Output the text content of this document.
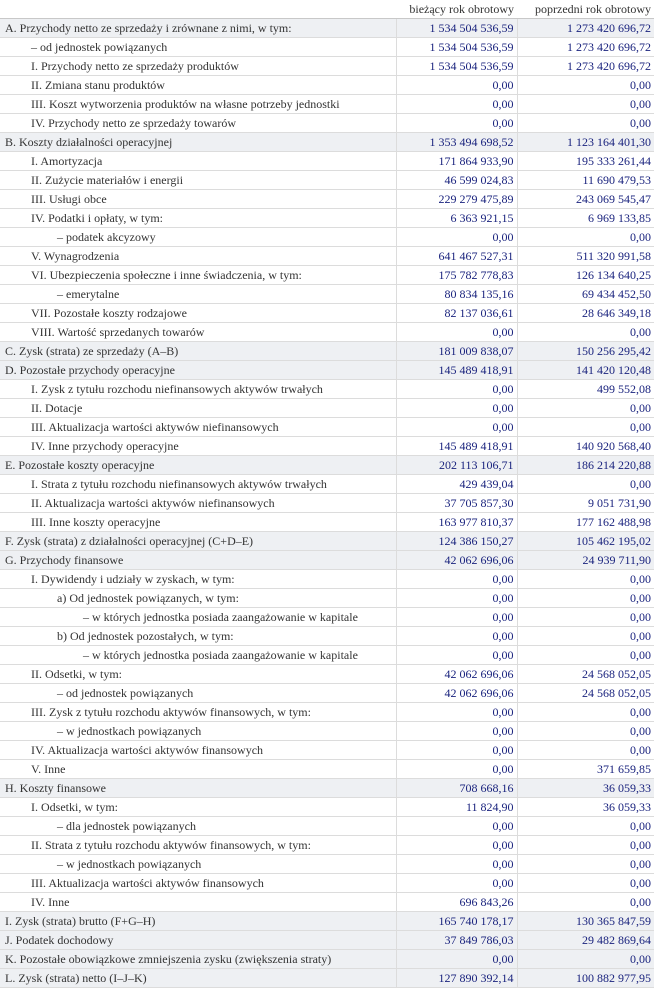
	bieżący rok obrotowy	poprzedni rok obrotowy
A. Przychody netto ze sprzedaży i zrównane z nimi, w tym:	1 534 504 536,59	1 273 420 696,72
– od jednostek powiązanych	1 534 504 536,59	1 273 420 696,72
I. Przychody netto ze sprzedaży produktów	1 534 504 536,59	1 273 420 696,72
II. Zmiana stanu produktów	0,00	0,00
III. Koszt wytworzenia produktów na własne potrzeby jednostki	0,00	0,00
IV. Przychody netto ze sprzedaży towarów	0,00	0,00
B. Koszty działalności operacyjnej	1 353 494 698,52	1 123 164 401,30
I. Amortyzacja	171 864 933,90	195 333 261,44
II. Zużycie materiałów i energii	46 599 024,83	11 690 479,53
III. Usługi obce	229 279 475,89	243 069 545,47
IV. Podatki i opłaty, w tym:	6 363 921,15	6 969 133,85
– podatek akcyzowy	0,00	0,00
V. Wynagrodzenia	641 467 527,31	511 320 991,58
VI. Ubezpieczenia społeczne i inne świadczenia, w tym:	175 782 778,83	126 134 640,25
– emerytalne	80 834 135,16	69 434 452,50
VII. Pozostałe koszty rodzajowe	82 137 036,61	28 646 349,18
VIII. Wartość sprzedanych towarów	0,00	0,00
C. Zysk (strata) ze sprzedaży (A–B)	181 009 838,07	150 256 295,42
D. Pozostałe przychody operacyjne	145 489 418,91	141 420 120,48
I. Zysk z tytułu rozchodu niefinansowych aktywów trwałych	0,00	499 552,08
II. Dotacje	0,00	0,00
III. Aktualizacja wartości aktywów niefinansowych	0,00	0,00
IV. Inne przychody operacyjne	145 489 418,91	140 920 568,40
E. Pozostałe koszty operacyjne	202 113 106,71	186 214 220,88
I. Strata z tytułu rozchodu niefinansowych aktywów trwałych	429 439,04	0,00
II. Aktualizacja wartości aktywów niefinansowych	37 705 857,30	9 051 731,90
III. Inne koszty operacyjne	163 977 810,37	177 162 488,98
F. Zysk (strata) z działalności operacyjnej (C+D–E)	124 386 150,27	105 462 195,02
G. Przychody finansowe	42 062 696,06	24 939 711,90
I. Dywidendy i udziały w zyskach, w tym:	0,00	0,00
a) Od jednostek powiązanych, w tym:	0,00	0,00
– w których jednostka posiada zaangażowanie w kapitale	0,00	0,00
b) Od jednostek pozostałych, w tym:	0,00	0,00
– w których jednostka posiada zaangażowanie w kapitale	0,00	0,00
II. Odsetki, w tym:	42 062 696,06	24 568 052,05
– od jednostek powiązanych	42 062 696,06	24 568 052,05
III. Zysk z tytułu rozchodu aktywów finansowych, w tym:	0,00	0,00
– w jednostkach powiązanych	0,00	0,00
IV. Aktualizacja wartości aktywów finansowych	0,00	0,00
V. Inne	0,00	371 659,85
H. Koszty finansowe	708 668,16	36 059,33
I. Odsetki, w tym:	11 824,90	36 059,33
– dla jednostek powiązanych	0,00	0,00
II. Strata z tytułu rozchodu aktywów finansowych, w tym:	0,00	0,00
– w jednostkach powiązanych	0,00	0,00
III. Aktualizacja wartości aktywów finansowych	0,00	0,00
IV. Inne	696 843,26	0,00
I. Zysk (strata) brutto (F+G–H)	165 740 178,17	130 365 847,59
J. Podatek dochodowy	37 849 786,03	29 482 869,64
K. Pozostałe obowiązkowe zmniejszenia zysku (zwiększenia straty)	0,00	0,00
L. Zysk (strata) netto (I–J–K)	127 890 392,14	100 882 977,95
